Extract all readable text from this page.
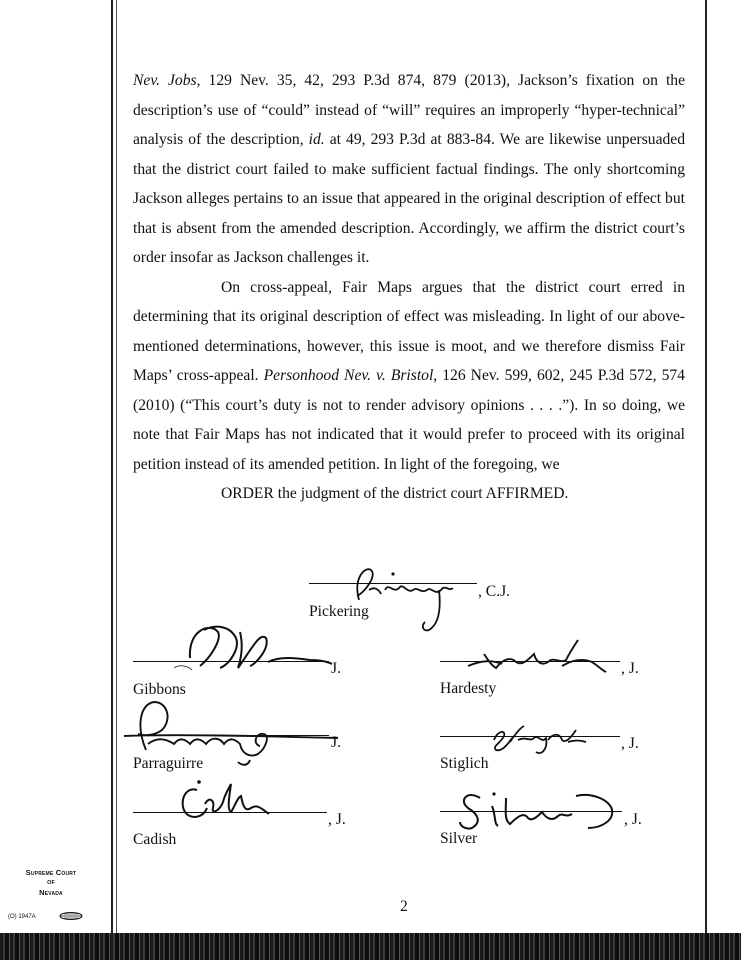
Nev. Jobs, 129 Nev. 35, 42, 293 P.3d 874, 879 (2013), Jackson’s fixation on the description’s use of “could” instead of “will” requires an improperly “hyper-technical” analysis of the description, id. at 49, 293 P.3d at 883-84. We are likewise unpersuaded that the district court failed to make sufficient factual findings. The only shortcoming Jackson alleges pertains to an issue that appeared in the original description of effect but that is absent from the amended description. Accordingly, we affirm the district court’s order insofar as Jackson challenges it.

On cross-appeal, Fair Maps argues that the district court erred in determining that its original description of effect was misleading. In light of our above-mentioned determinations, however, this issue is moot, and we therefore dismiss Fair Maps’ cross-appeal. Personhood Nev. v. Bristol, 126 Nev. 599, 602, 245 P.3d 572, 574 (2010) (“This court’s duty is not to render advisory opinions . . . .”). In so doing, we note that Fair Maps has not indicated that it would prefer to proceed with its original petition instead of its amended petition. In light of the foregoing, we

ORDER the judgment of the district court AFFIRMED.

, C.J.
Pickering
J.
Gibbons
, J.
Hardesty
J.
Parraguirre
, J.
Stiglich
, J.
Cadish
, J.
Silver
Supreme Court
OF
Nevada
(O) 1947A
2
